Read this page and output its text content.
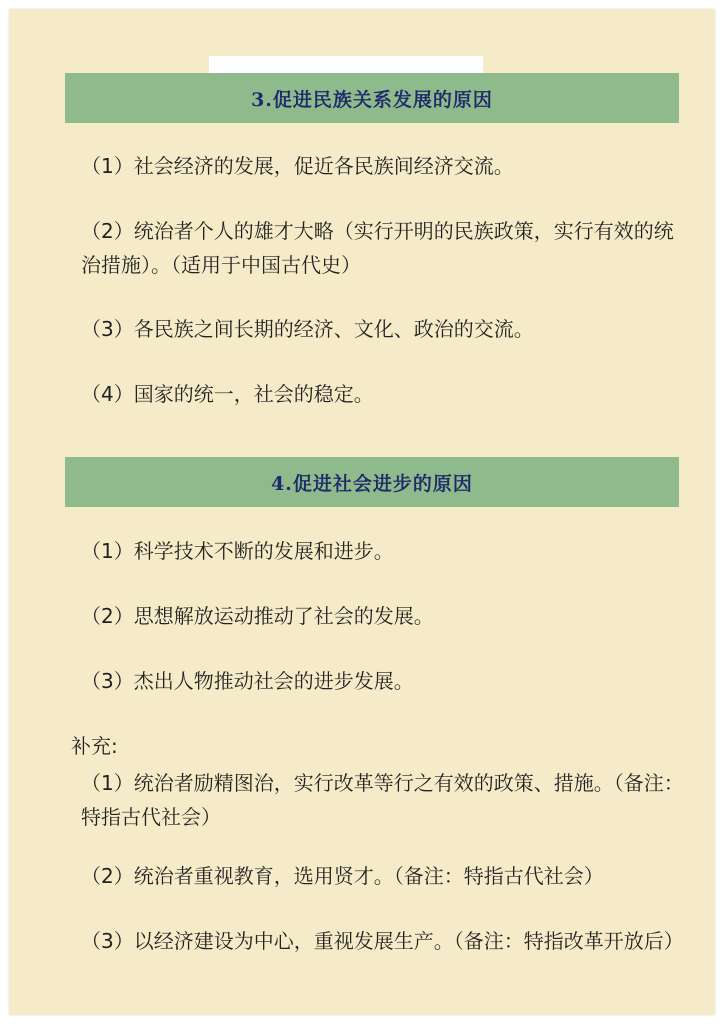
3.促进民族关系发展的原因
（1）社会经济的发展，促近各民族间经济交流。
（2）统治者个人的雄才大略（实行开明的民族政策，实行有效的统治措施）。（适用于中国古代史）
（3）各民族之间长期的经济、文化、政治的交流。
（4）国家的统一，社会的稳定。
4.促进社会进步的原因
（1）科学技术不断的发展和进步。
（2）思想解放运动推动了社会的发展。
（3）杰出人物推动社会的进步发展。
补充:
（1）统治者励精图治，实行改革等行之有效的政策、措施。（备注：特指古代社会）
（2）统治者重视教育，选用贤才。（备注：特指古代社会）
（3）以经济建设为中心，重视发展生产。（备注：特指改革开放后）
